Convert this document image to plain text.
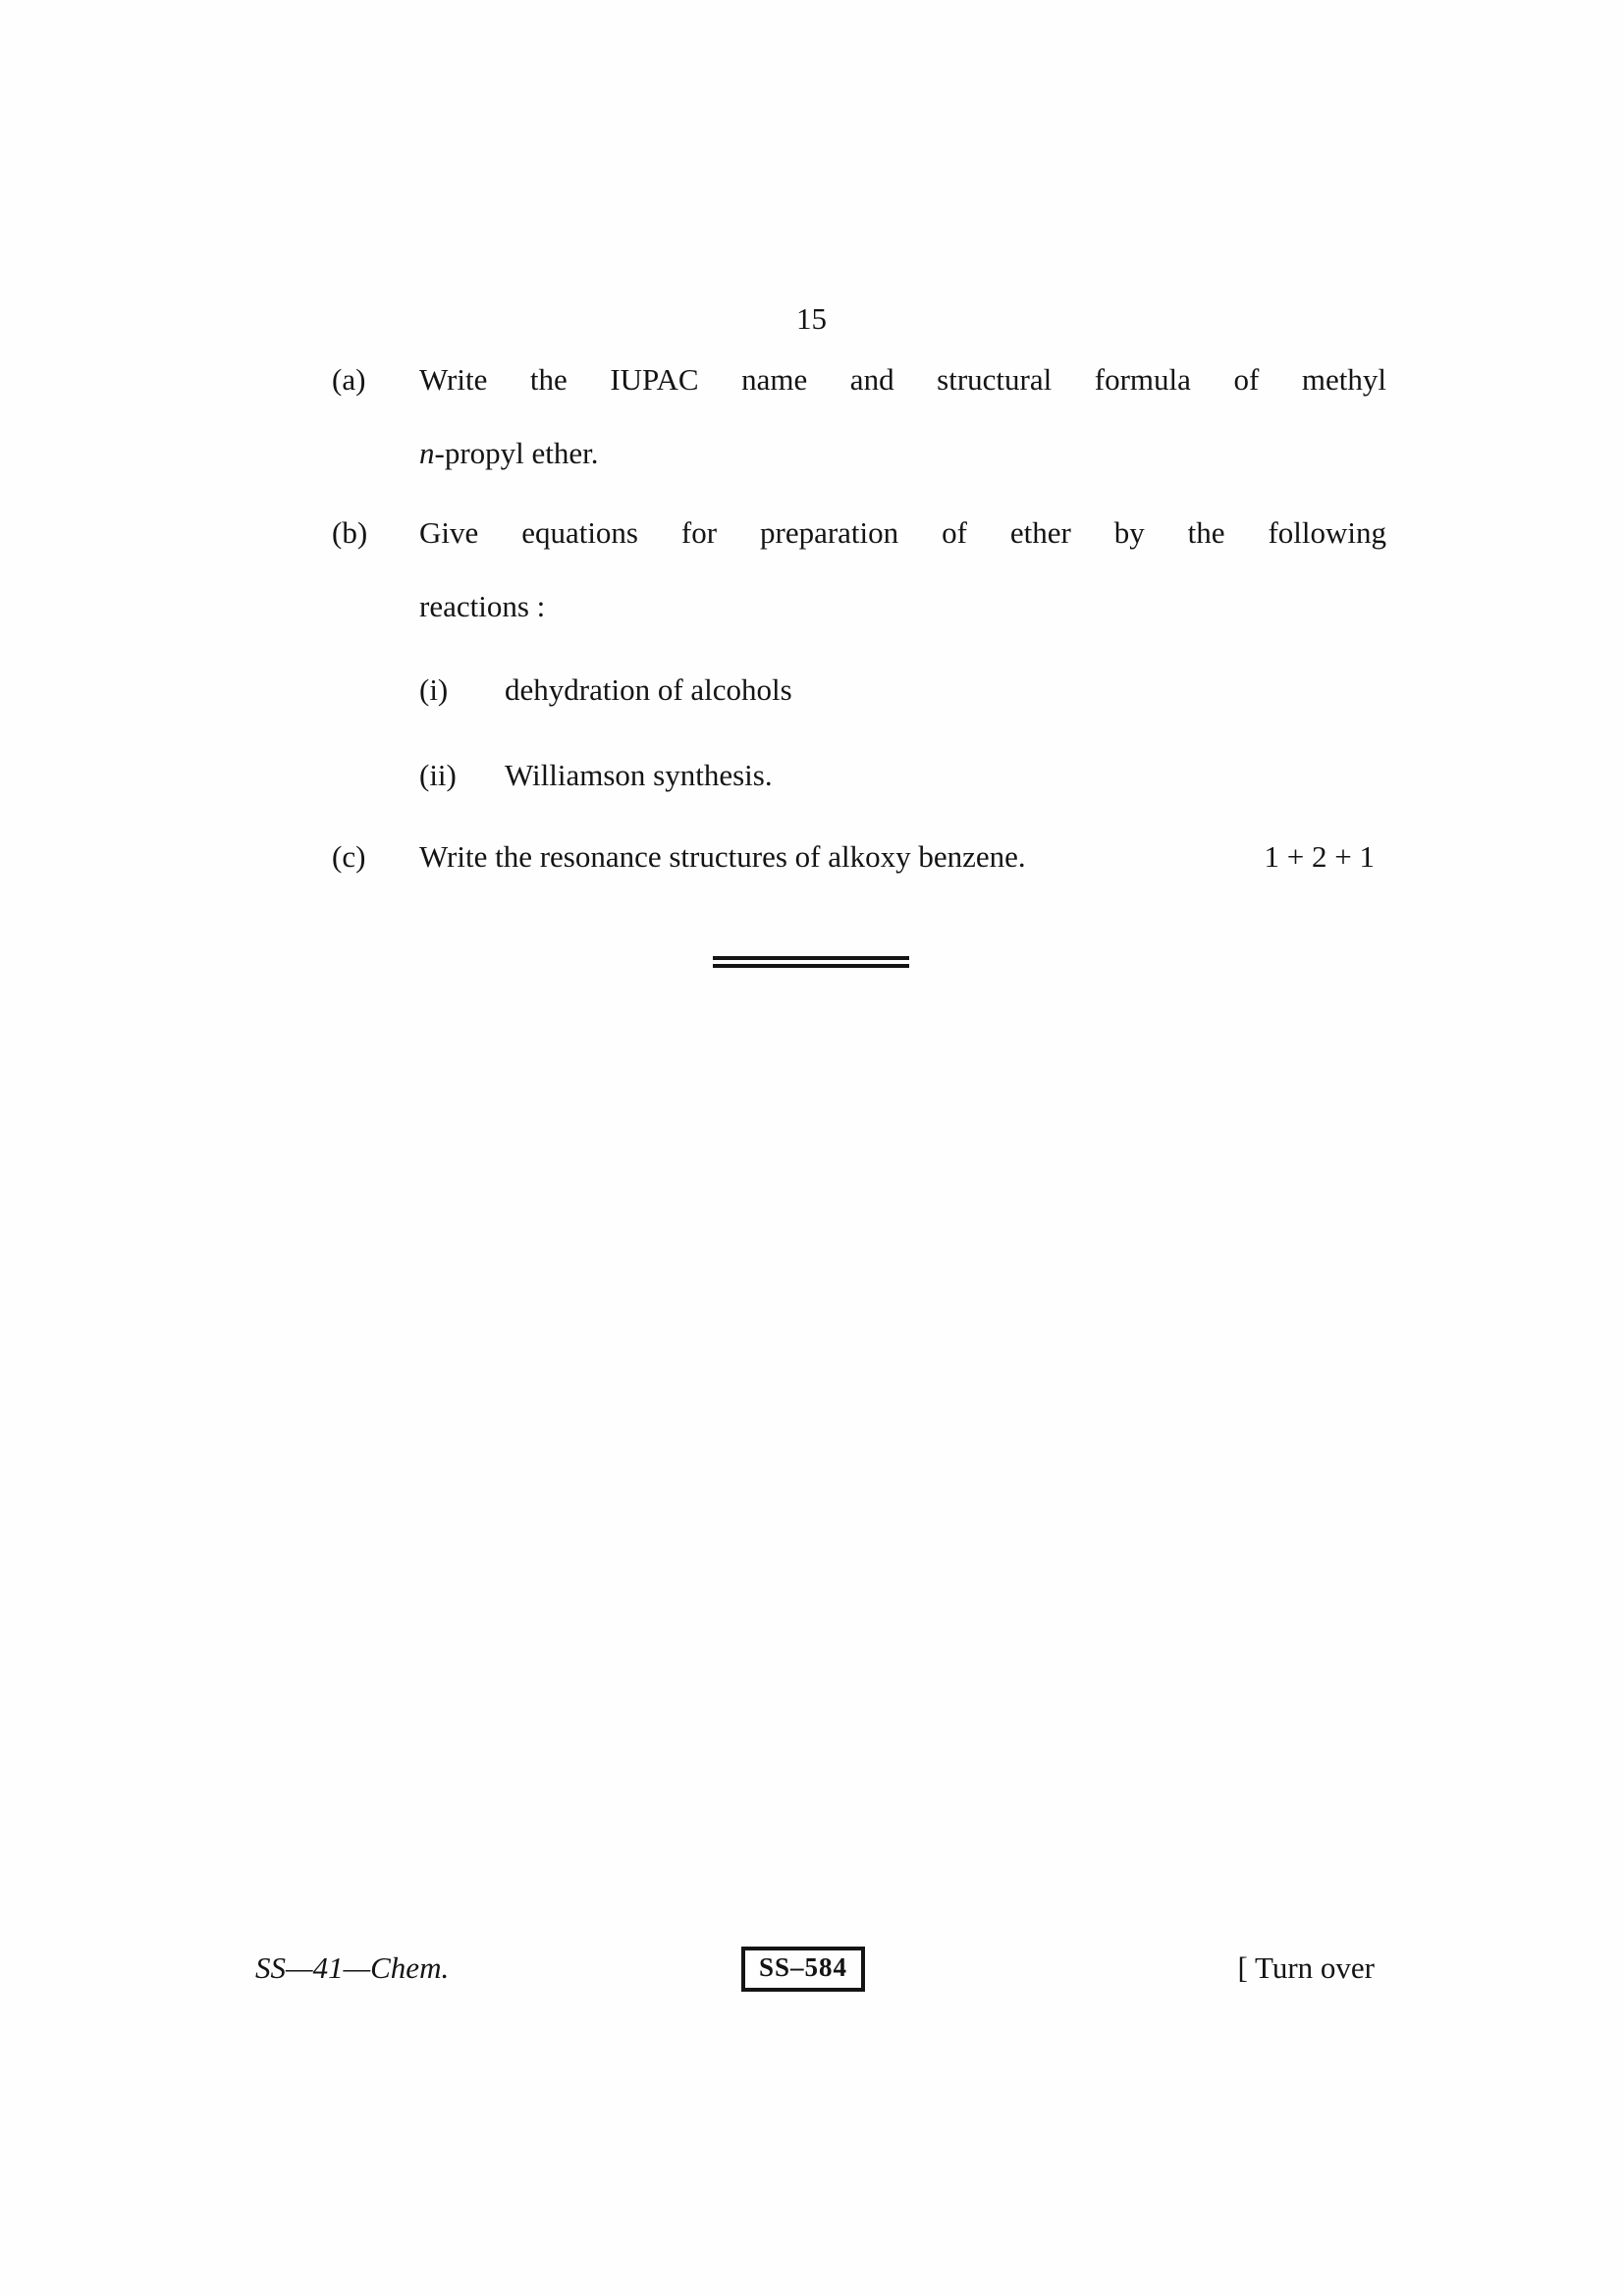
15
(a) Write the IUPAC name and structural formula of methyl
n-propyl ether.
(b) Give equations for preparation of ether by the following
reactions :
(i) dehydration of alcohols
(ii) Williamson synthesis.
(c) Write the resonance structures of alkoxy benzene.	1 + 2 + 1
SS—41—Chem.	SS–584	[ Turn over
